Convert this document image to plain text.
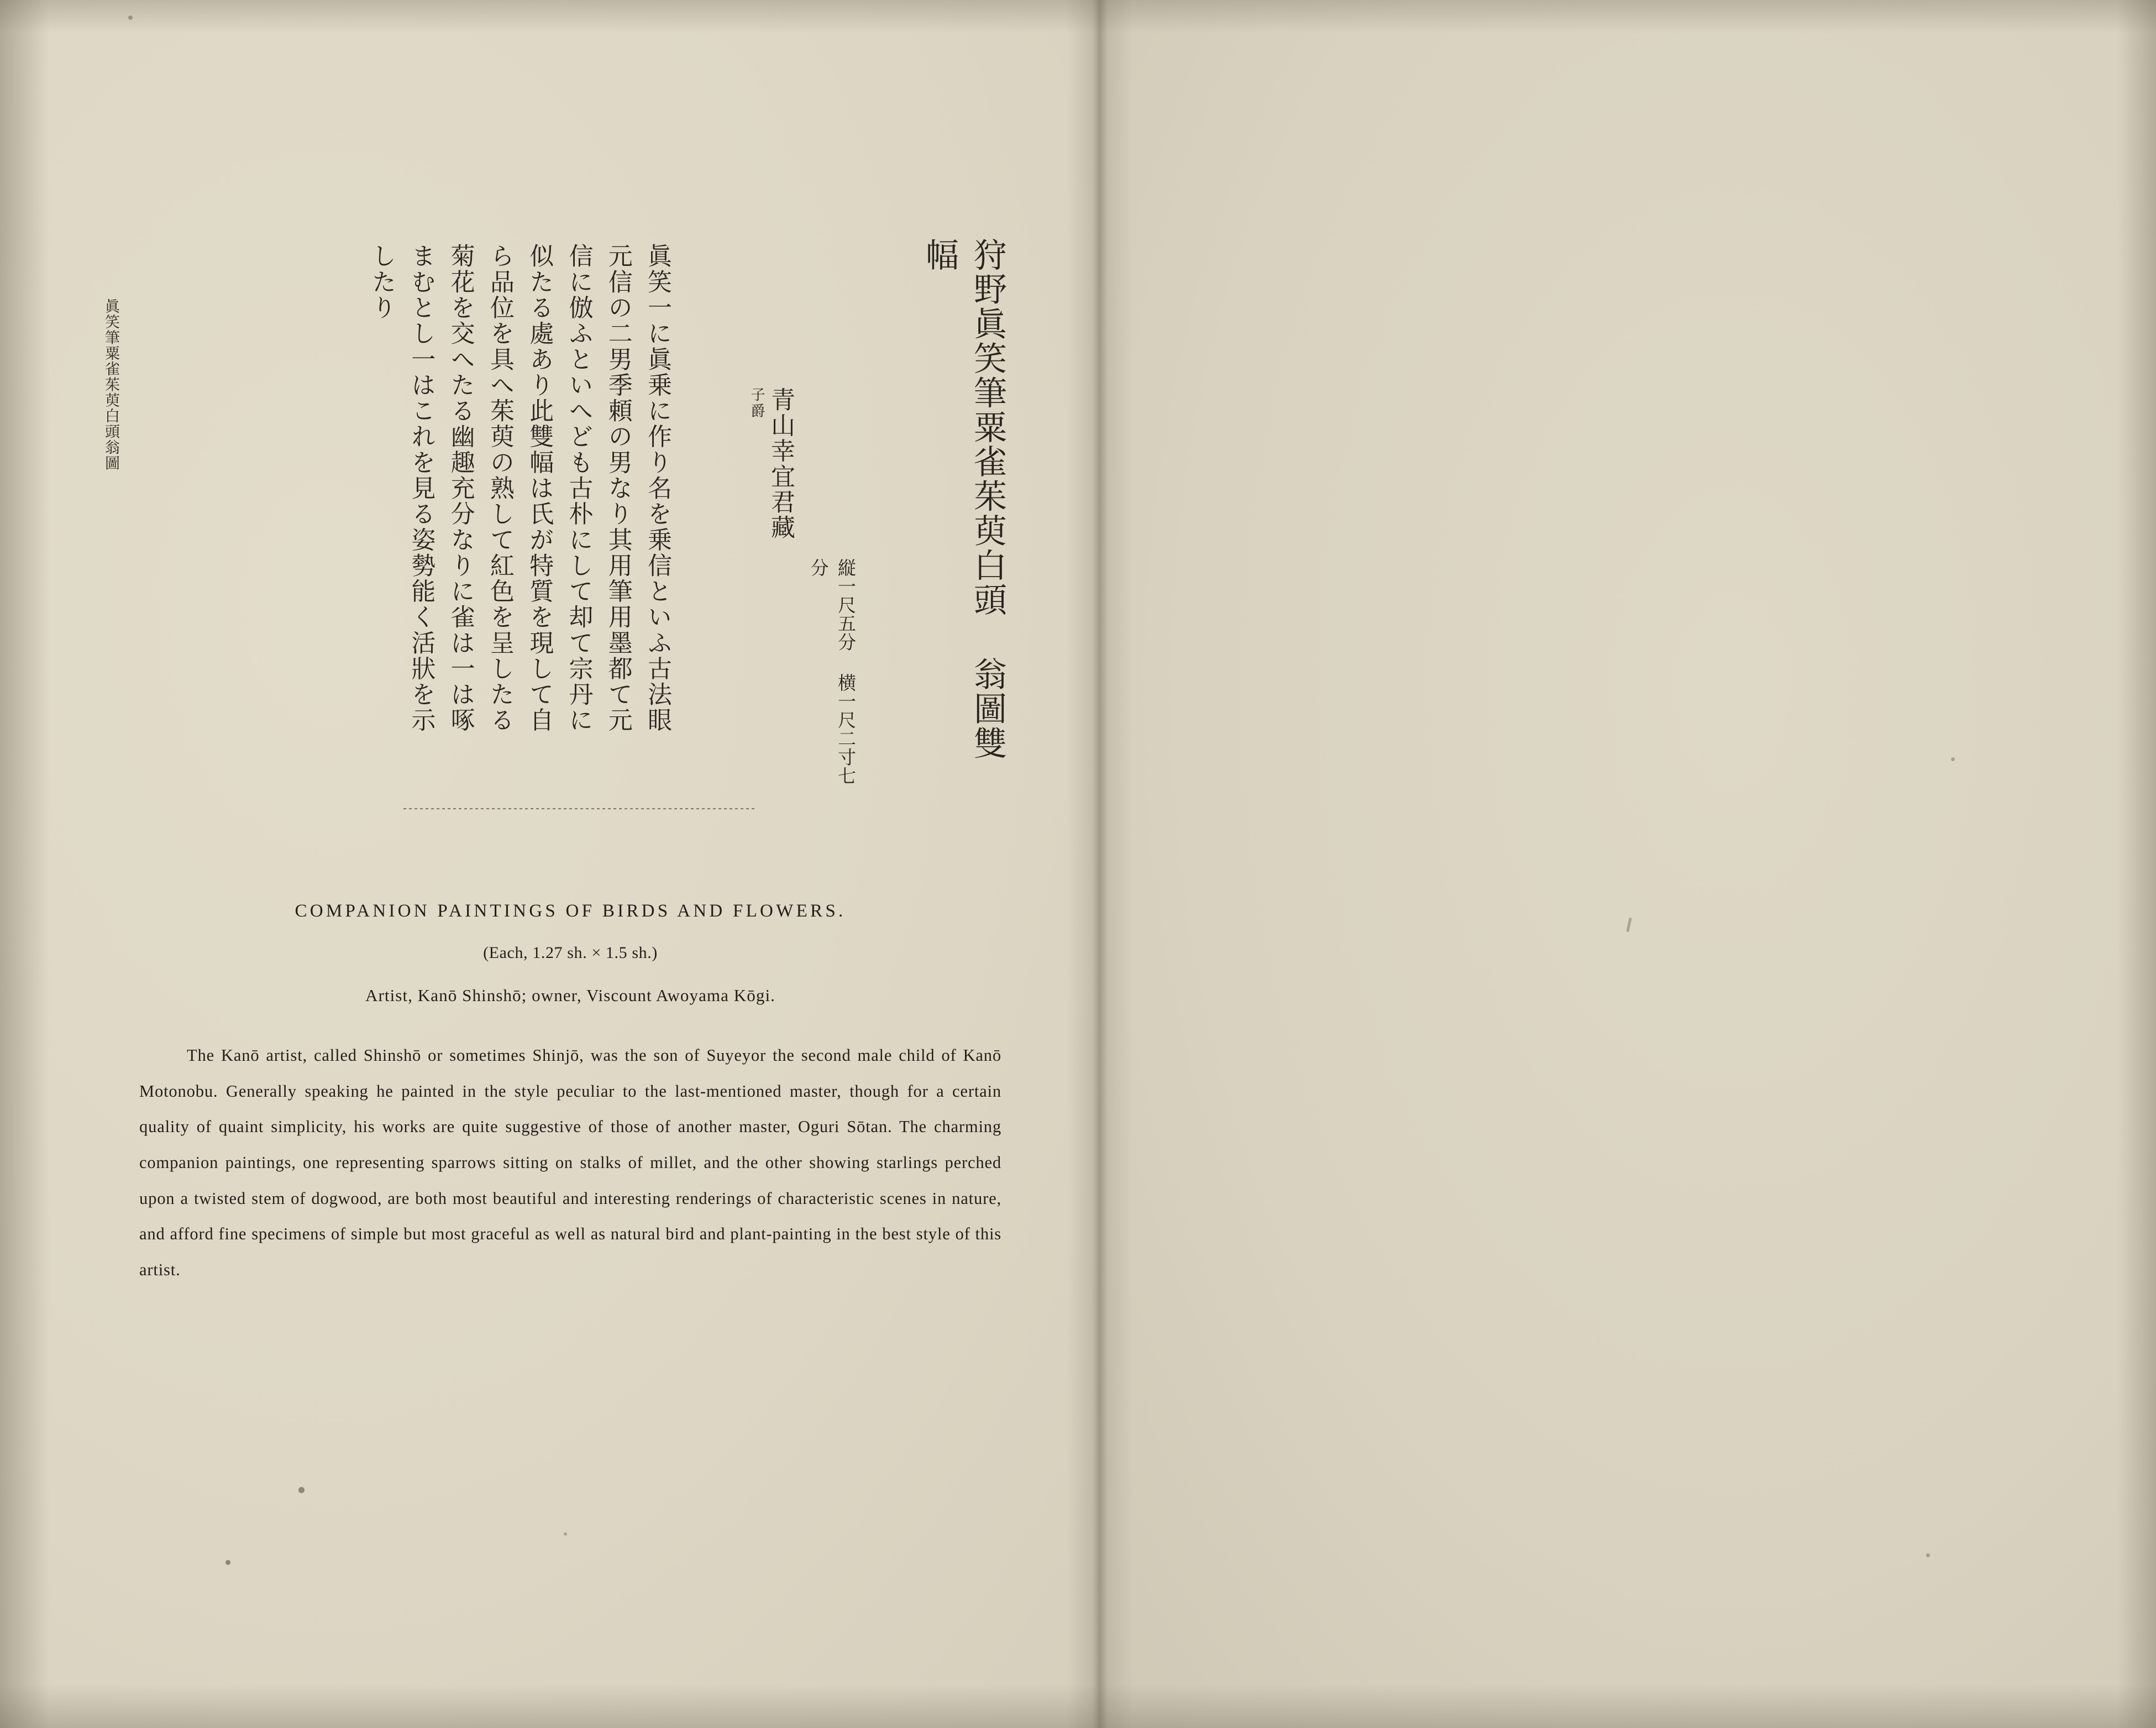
眞笑筆粟雀茱萸白頭翁圖	狩野眞笑筆粟雀茱萸白頭 翁圖雙幅
縦一尺五分 横一尺二寸七分
子爵 青山幸宜君藏
眞笑一に眞乗に作り名を乗信といふ古法眼元信の二男季頼の男なり其用筆用墨都て元信に倣ふといへども古朴にして却て宗丹に似たる處あり此雙幅は氏が特質を現して自ら品位を具へ茱萸の熟して紅色を呈したる菊花を交へたる幽趣充分なりに雀は一は啄まむとし一はこれを見る姿勢能く活狀を示したり
COMPANION PAINTINGS OF BIRDS AND FLOWERS.
(Each, 1.27 sh. × 1.5 sh.)
Artist, Kanō Shinshō; owner, Viscount Awoyama Kōgi.
The Kanō artist, called Shinshō or sometimes Shinjō, was the son of Suyeyor the second male child of Kanō Motonobu. Generally speaking he painted in the style peculiar to the last-mentioned master, though for a certain quality of quaint simplicity, his works are quite suggestive of those of another master, Oguri Sōtan. The charming companion paintings, one representing sparrows sitting on stalks of millet, and the other showing starlings perched upon a twisted stem of dogwood, are both most beautiful and interesting renderings of characteristic scenes in nature, and afford fine specimens of simple but most graceful as well as natural bird and plant-painting in the best style of this artist.
